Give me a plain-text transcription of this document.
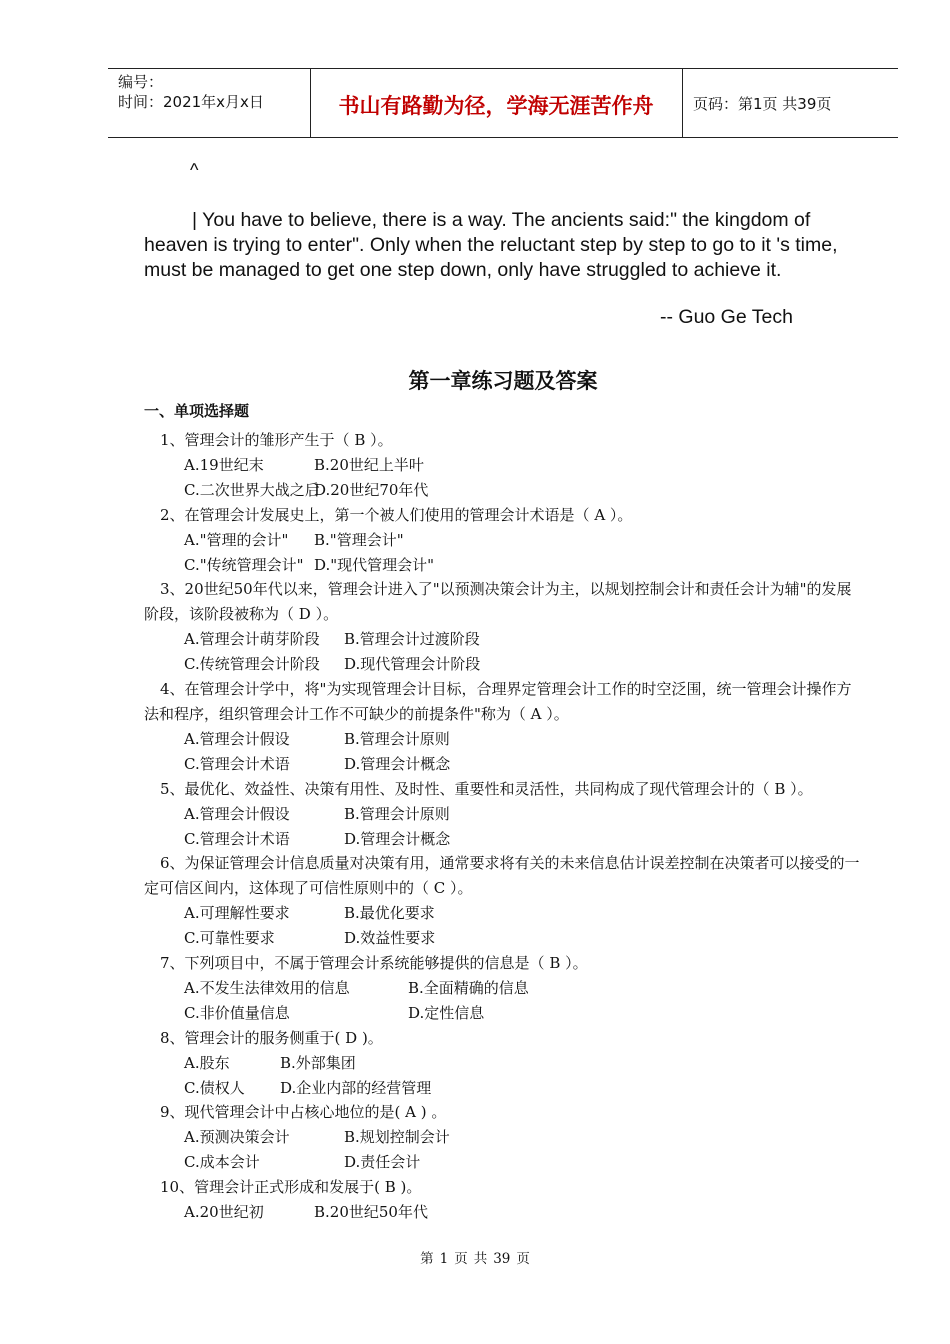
编号：
时间：2021年x月x日	书山有路勤为径，学海无涯苦作舟	页码：第1页 共39页
^
| You have to believe, there is a way. The ancients said:" the kingdom of heaven is trying to enter". Only when the reluctant step by step to go to it 's time, must be managed to get one step down, only have struggled to achieve it.
-- Guo Ge Tech
第一章练习题及答案
一、单项选择题

1、管理会计的雏形产生于（ B ）。

A.19世纪末	B.20世纪上半叶

C.二次世界大战之后D.20世纪70年代

2、在管理会计发展史上，第一个被人们使用的管理会计术语是（ A ）。

A."管理的会计" B."管理会计"

C."传统管理会计" D."现代管理会计"

3、20世纪50年代以来，管理会计进入了"以预测决策会计为主，以规划控制会计和责任会计为辅"的发展阶段，该阶段被称为（ D ）。

A.管理会计萌芽阶段 B.管理会计过渡阶段

C.传统管理会计阶段 D.现代管理会计阶段

4、在管理会计学中，将"为实现管理会计目标，合理界定管理会计工作的时空泛围，统一管理会计操作方法和程序，组织管理会计工作不可缺少的前提条件"称为（ A ）。

A.管理会计假设	B.管理会计原则

C.管理会计术语	D.管理会计概念

5、最优化、效益性、决策有用性、及时性、重要性和灵活性，共同构成了现代管理会计的（ B ）。

A.管理会计假设	B.管理会计原则

C.管理会计术语	D.管理会计概念

6、为保证管理会计信息质量对决策有用，通常要求将有关的未来信息估计误差控制在决策者可以接受的一定可信区间内，这体现了可信性原则中的（ C ）。

A.可理解性要求	B.最优化要求

C.可靠性要求	D.效益性要求

7、下列项目中，不属于管理会计系统能够提供的信息是（ B ）。

A.不发生法律效用的信息	B.全面精确的信息

C.非价值量信息	D.定性信息

8、管理会计的服务侧重于( D )。

A.股东	B.外部集团

C.债权人 D.企业内部的经营管理

9、现代管理会计中占核心地位的是( A ) 。

A.预测决策会计	B.规划控制会计

C.成本会计	D.责任会计

10、管理会计正式形成和发展于( B )。

A.20世纪初	B.20世纪50年代

第 1 页 共 39 页
